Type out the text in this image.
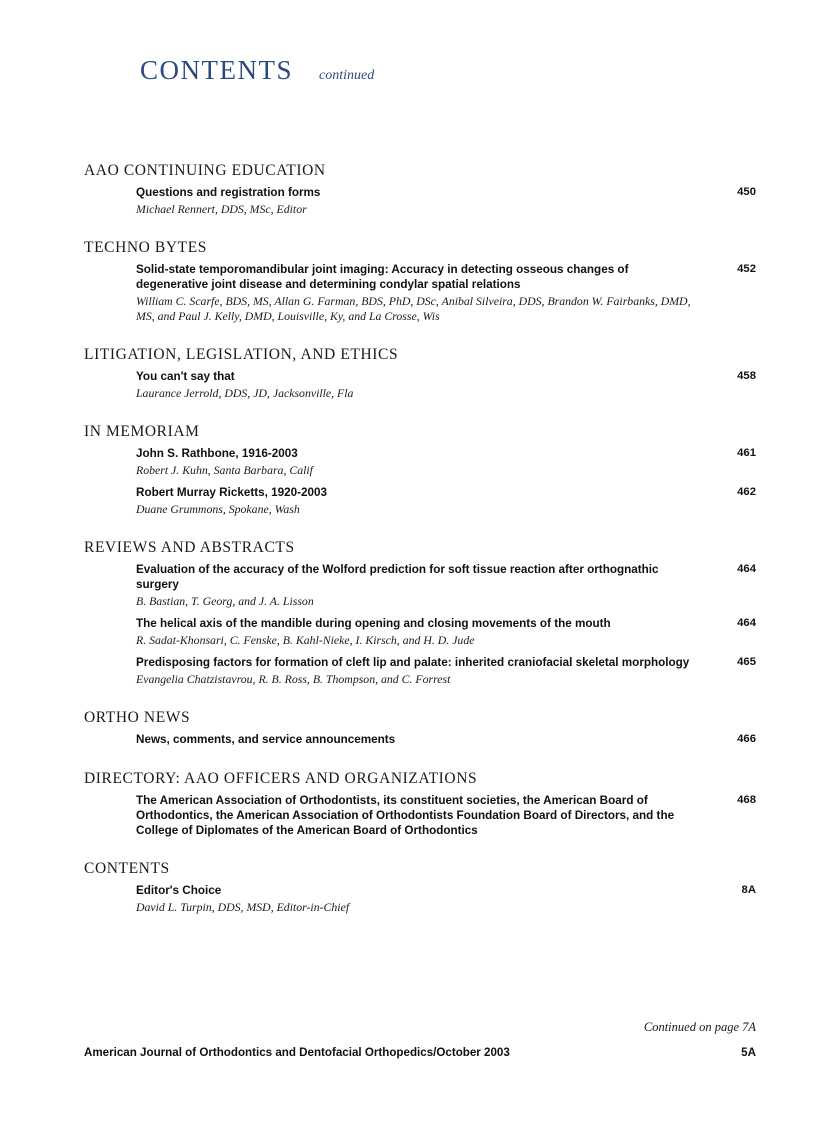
CONTENTS continued
AAO CONTINUING EDUCATION
Questions and registration forms
Michael Rennert, DDS, MSc, Editor
450
TECHNO BYTES
Solid-state temporomandibular joint imaging: Accuracy in detecting osseous changes of degenerative joint disease and determining condylar spatial relations
William C. Scarfe, BDS, MS, Allan G. Farman, BDS, PhD, DSc, Anibal Silveira, DDS, Brandon W. Fairbanks, DMD, MS, and Paul J. Kelly, DMD, Louisville, Ky, and La Crosse, Wis
452
LITIGATION, LEGISLATION, AND ETHICS
You can't say that
Laurance Jerrold, DDS, JD, Jacksonville, Fla
458
IN MEMORIAM
John S. Rathbone, 1916-2003
Robert J. Kuhn, Santa Barbara, Calif
461
Robert Murray Ricketts, 1920-2003
Duane Grummons, Spokane, Wash
462
REVIEWS AND ABSTRACTS
Evaluation of the accuracy of the Wolford prediction for soft tissue reaction after orthognathic surgery
B. Bastian, T. Georg, and J. A. Lisson
464
The helical axis of the mandible during opening and closing movements of the mouth
R. Sadat-Khonsari, C. Fenske, B. Kahl-Nieke, I. Kirsch, and H. D. Jude
464
Predisposing factors for formation of cleft lip and palate: inherited craniofacial skeletal morphology
Evangelia Chatzistavrou, R. B. Ross, B. Thompson, and C. Forrest
465
ORTHO NEWS
News, comments, and service announcements	466
DIRECTORY: AAO OFFICERS AND ORGANIZATIONS
The American Association of Orthodontists, its constituent societies, the American Board of Orthodontics, the American Association of Orthodontists Foundation Board of Directors, and the College of Diplomates of the American Board of Orthodontics
468
CONTENTS
Editor's Choice
David L. Turpin, DDS, MSD, Editor-in-Chief
8A
Continued on page 7A
American Journal of Orthodontics and Dentofacial Orthopedics/October 2003	5A
